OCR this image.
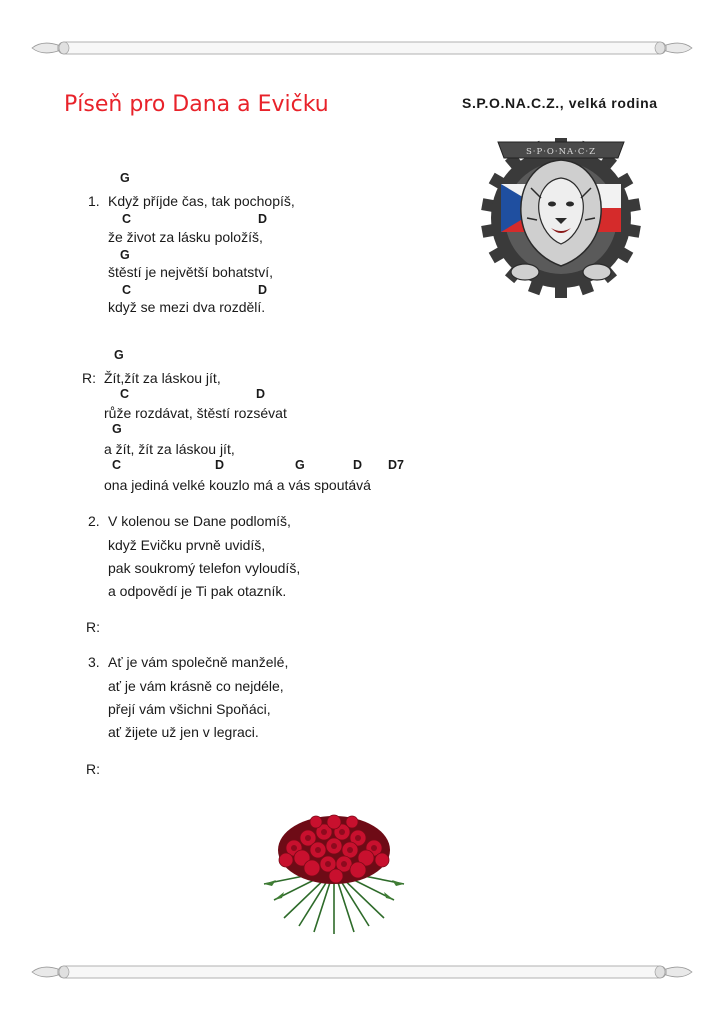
Píseň pro Dana a Evičku	S.P.O.NA.C.Z., velká rodina
S·P·O·NA·C·Z
G
1. Když příjde čas, tak pochopíš,
C	D
že život za lásku položíš,
G
štěstí je největší bohatství,
C	D
když se mezi dva rozdělí.
G
R: Žít,žít za láskou jít,
C	D
růže rozdávat, štěstí rozsévat
G
a žít, žít za láskou jít,
C	D	G	D D7
ona jediná velké kouzlo má a vás spoutává
2. V kolenou se Dane podlomíš,
když Evičku prvně uvidíš,
pak soukromý telefon vyloudíš,
a odpovědí je Ti pak otazník.
R:
3. Ať je vám společně manželé,
ať je vám krásně co nejdéle,
přejí vám všichni Spoňáci,
ať žijete už jen v legraci.
R:
